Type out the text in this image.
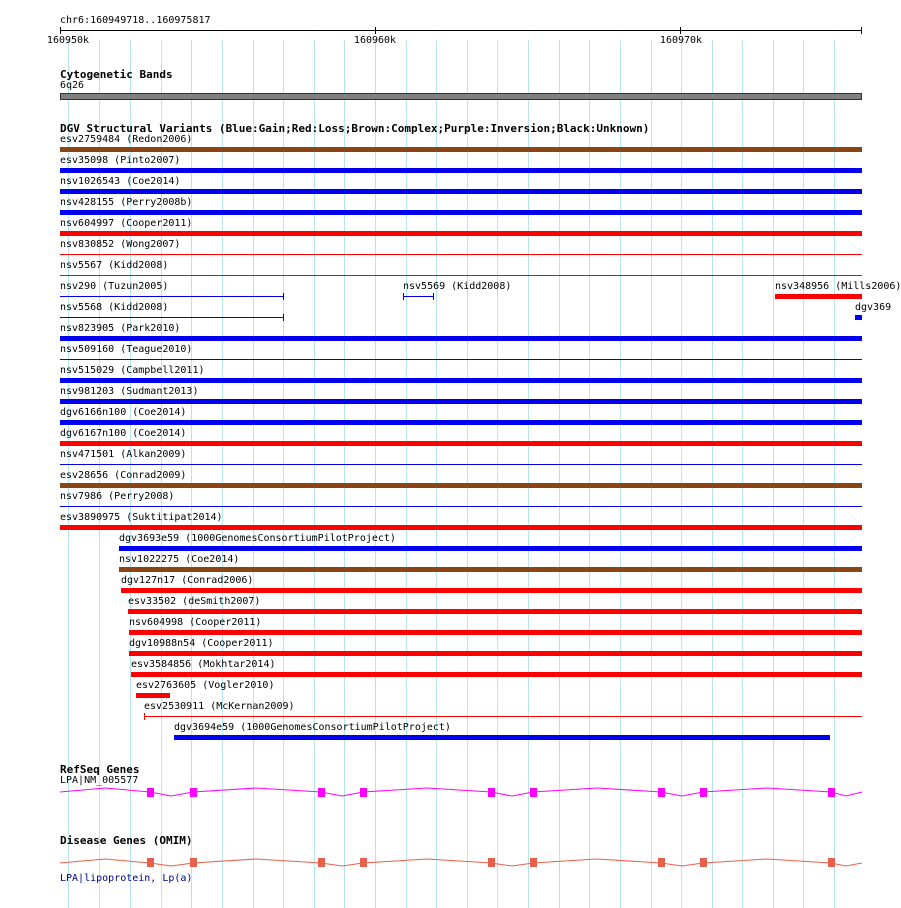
chr6:160949718..160975817
160950k	160960k	160970k
Cytogenetic Bands
6q26
DGV Structural Variants (Blue:Gain;Red:Loss;Brown:Complex;Purple:Inversion;Black:Unknown)
esv2759484 (Redon2006)
esv35098 (Pinto2007)
nsv1026543 (Coe2014)
nsv428155 (Perry2008b)
nsv604997 (Cooper2011)
nsv830852 (Wong2007)
nsv5567 (Kidd2008)
nsv290 (Tuzun2005)	nsv5569 (Kidd2008)	nsv348956 (Mills2006)
nsv5568 (Kidd2008)	dgv369
nsv823905 (Park2010)
nsv509160 (Teague2010)
nsv515029 (Campbell2011)
nsv981203 (Sudmant2013)
dgv6166n100 (Coe2014)
dgv6167n100 (Coe2014)
nsv471501 (Alkan2009)
esv28656 (Conrad2009)
nsv7986 (Perry2008)
esv3890975 (Suktitipat2014)
dgv3693e59 (1000GenomesConsortiumPilotProject)
nsv1022275 (Coe2014)
dgv127n17 (Conrad2006)
esv33502 (deSmith2007)
nsv604998 (Cooper2011)
dgv10988n54 (Cooper2011)
esv3584856 (Mokhtar2014)
esv2763605 (Vogler2010)
esv2530911 (McKernan2009)
dgv3694e59 (1000GenomesConsortiumPilotProject)
RefSeq Genes
LPA|NM_005577
Disease Genes (OMIM)
LPA|lipoprotein, Lp(a)
